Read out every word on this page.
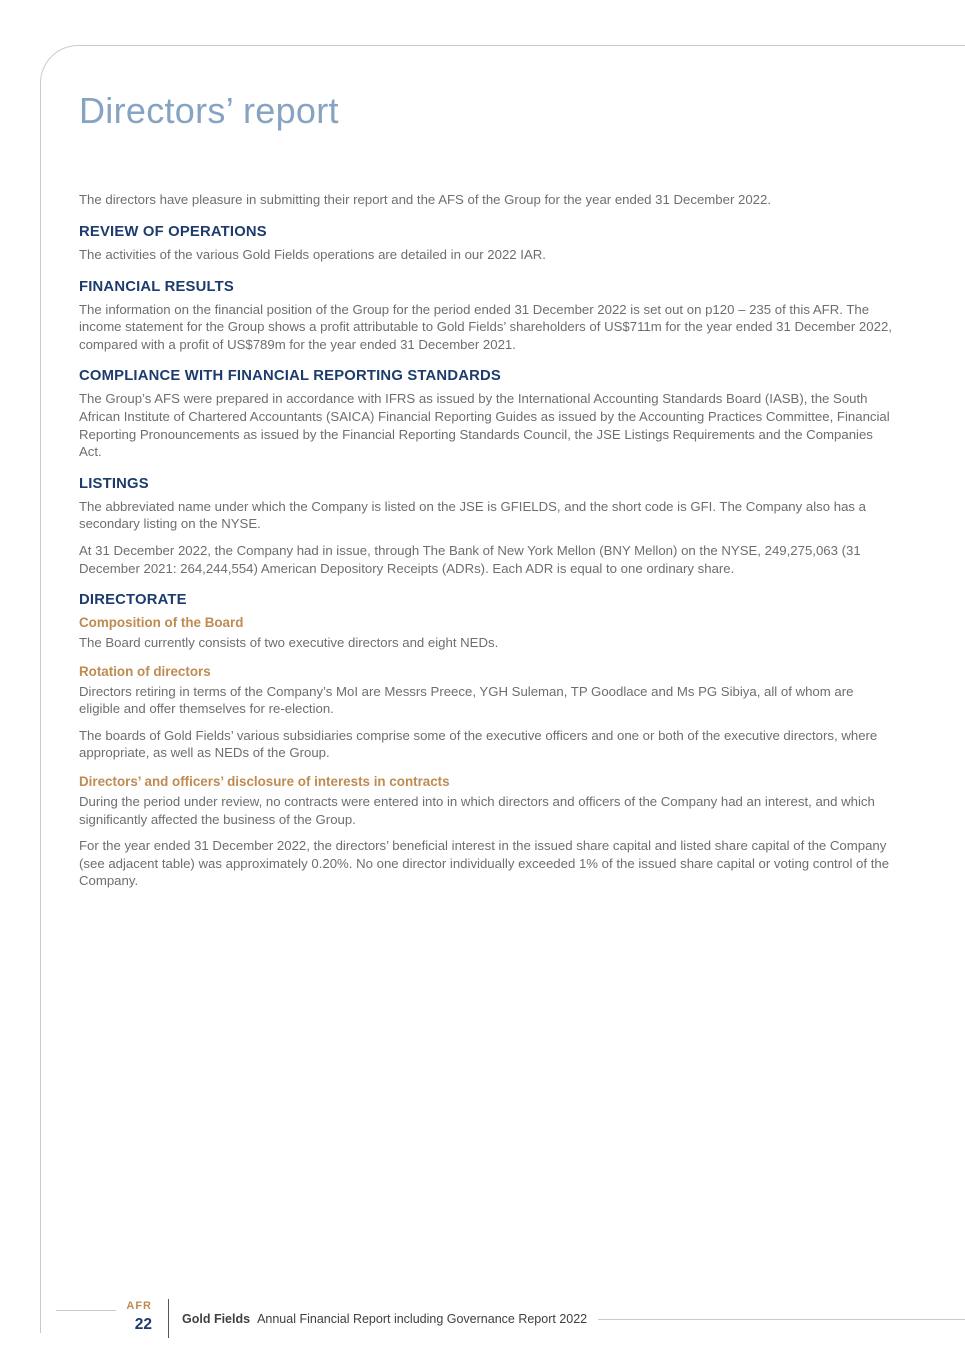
Directors’ report

The directors have pleasure in submitting their report and the AFS of the Group for the year ended 31 December 2022.

REVIEW OF OPERATIONS

The activities of the various Gold Fields operations are detailed in our 2022 IAR.

FINANCIAL RESULTS

The information on the financial position of the Group for the period ended 31 December 2022 is set out on p120 – 235 of this AFR. The income statement for the Group shows a profit attributable to Gold Fields’ shareholders of US$711m for the year ended 31 December 2022, compared with a profit of US$789m for the year ended 31 December 2021.

COMPLIANCE WITH FINANCIAL REPORTING STANDARDS

The Group’s AFS were prepared in accordance with IFRS as issued by the International Accounting Standards Board (IASB), the South African Institute of Chartered Accountants (SAICA) Financial Reporting Guides as issued by the Accounting Practices Committee, Financial Reporting Pronouncements as issued by the Financial Reporting Standards Council, the JSE Listings Requirements and the Companies Act.

LISTINGS

The abbreviated name under which the Company is listed on the JSE is GFIELDS, and the short code is GFI. The Company also has a secondary listing on the NYSE.

At 31 December 2022, the Company had in issue, through The Bank of New York Mellon (BNY Mellon) on the NYSE, 249,275,063 (31 December 2021: 264,244,554) American Depository Receipts (ADRs). Each ADR is equal to one ordinary share.

DIRECTORATE
Composition of the Board

The Board currently consists of two executive directors and eight NEDs.

Rotation of directors

Directors retiring in terms of the Company’s MoI are Messrs Preece, YGH Suleman, TP Goodlace and Ms PG Sibiya, all of whom are eligible and offer themselves for re-election.

The boards of Gold Fields’ various subsidiaries comprise some of the executive officers and one or both of the executive directors, where appropriate, as well as NEDs of the Group.

Directors’ and officers’ disclosure of interests in contracts

During the period under review, no contracts were entered into in which directors and officers of the Company had an interest, and which significantly affected the business of the Group.

For the year ended 31 December 2022, the directors’ beneficial interest in the issued share capital and listed share capital of the Company (see adjacent table) was approximately 0.20%. No one director individually exceeded 1% of the issued share capital or voting control of the Company.

AFR
22 Gold Fields Annual Financial Report including Governance Report 2022
